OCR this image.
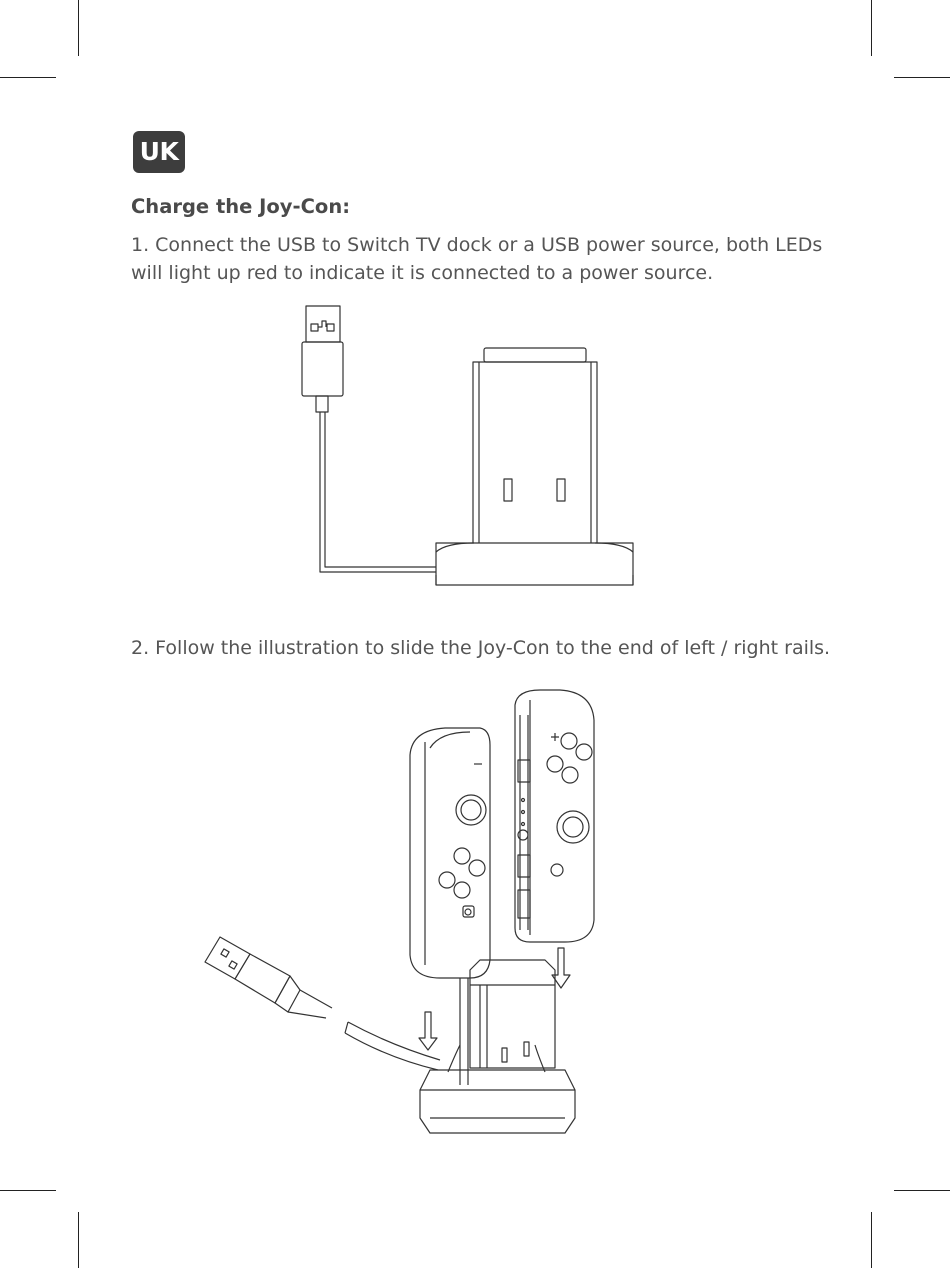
UK
Charge the Joy-Con:
1. Connect the USB to Switch TV dock or a USB power source, both LEDs will light up red to indicate it is connected to a power source.
2. Follow the illustration to slide the Joy-Con to the end of left / right rails.
